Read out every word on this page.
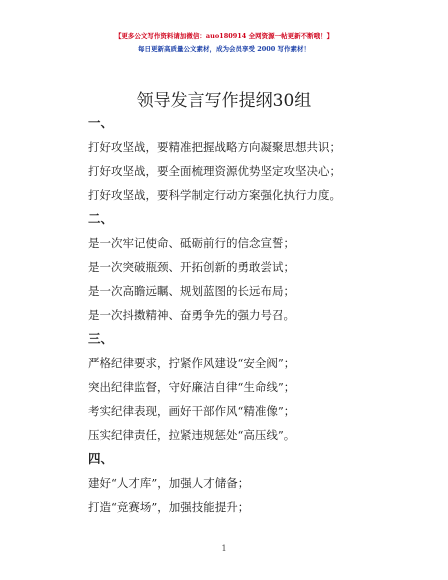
【更多公文写作资料请加微信：auo180914 全网资源一帖更新不断哦！】
每日更新高质量公文素材，成为会员享受 2000 写作素材！
领导发言写作提纲30组
一、
打好攻坚战，要精准把握战略方向凝聚思想共识；
打好攻坚战，要全面梳理资源优势坚定攻坚决心；
打好攻坚战，要科学制定行动方案强化执行力度。
二、
是一次牢记使命、砥砺前行的信念宣誓；
是一次突破瓶颈、开拓创新的勇敢尝试；
是一次高瞻远瞩、规划蓝图的长远布局；
是一次抖擞精神、奋勇争先的强力号召。
三、
严格纪律要求，拧紧作风建设“安全阀”；
突出纪律监督，守好廉洁自律“生命线”；
考实纪律表现，画好干部作风“精准像”；
压实纪律责任，拉紧违规惩处“高压线”。
四、
建好“人才库”，加强人才储备；
打造“竞赛场”，加强技能提升；
1
